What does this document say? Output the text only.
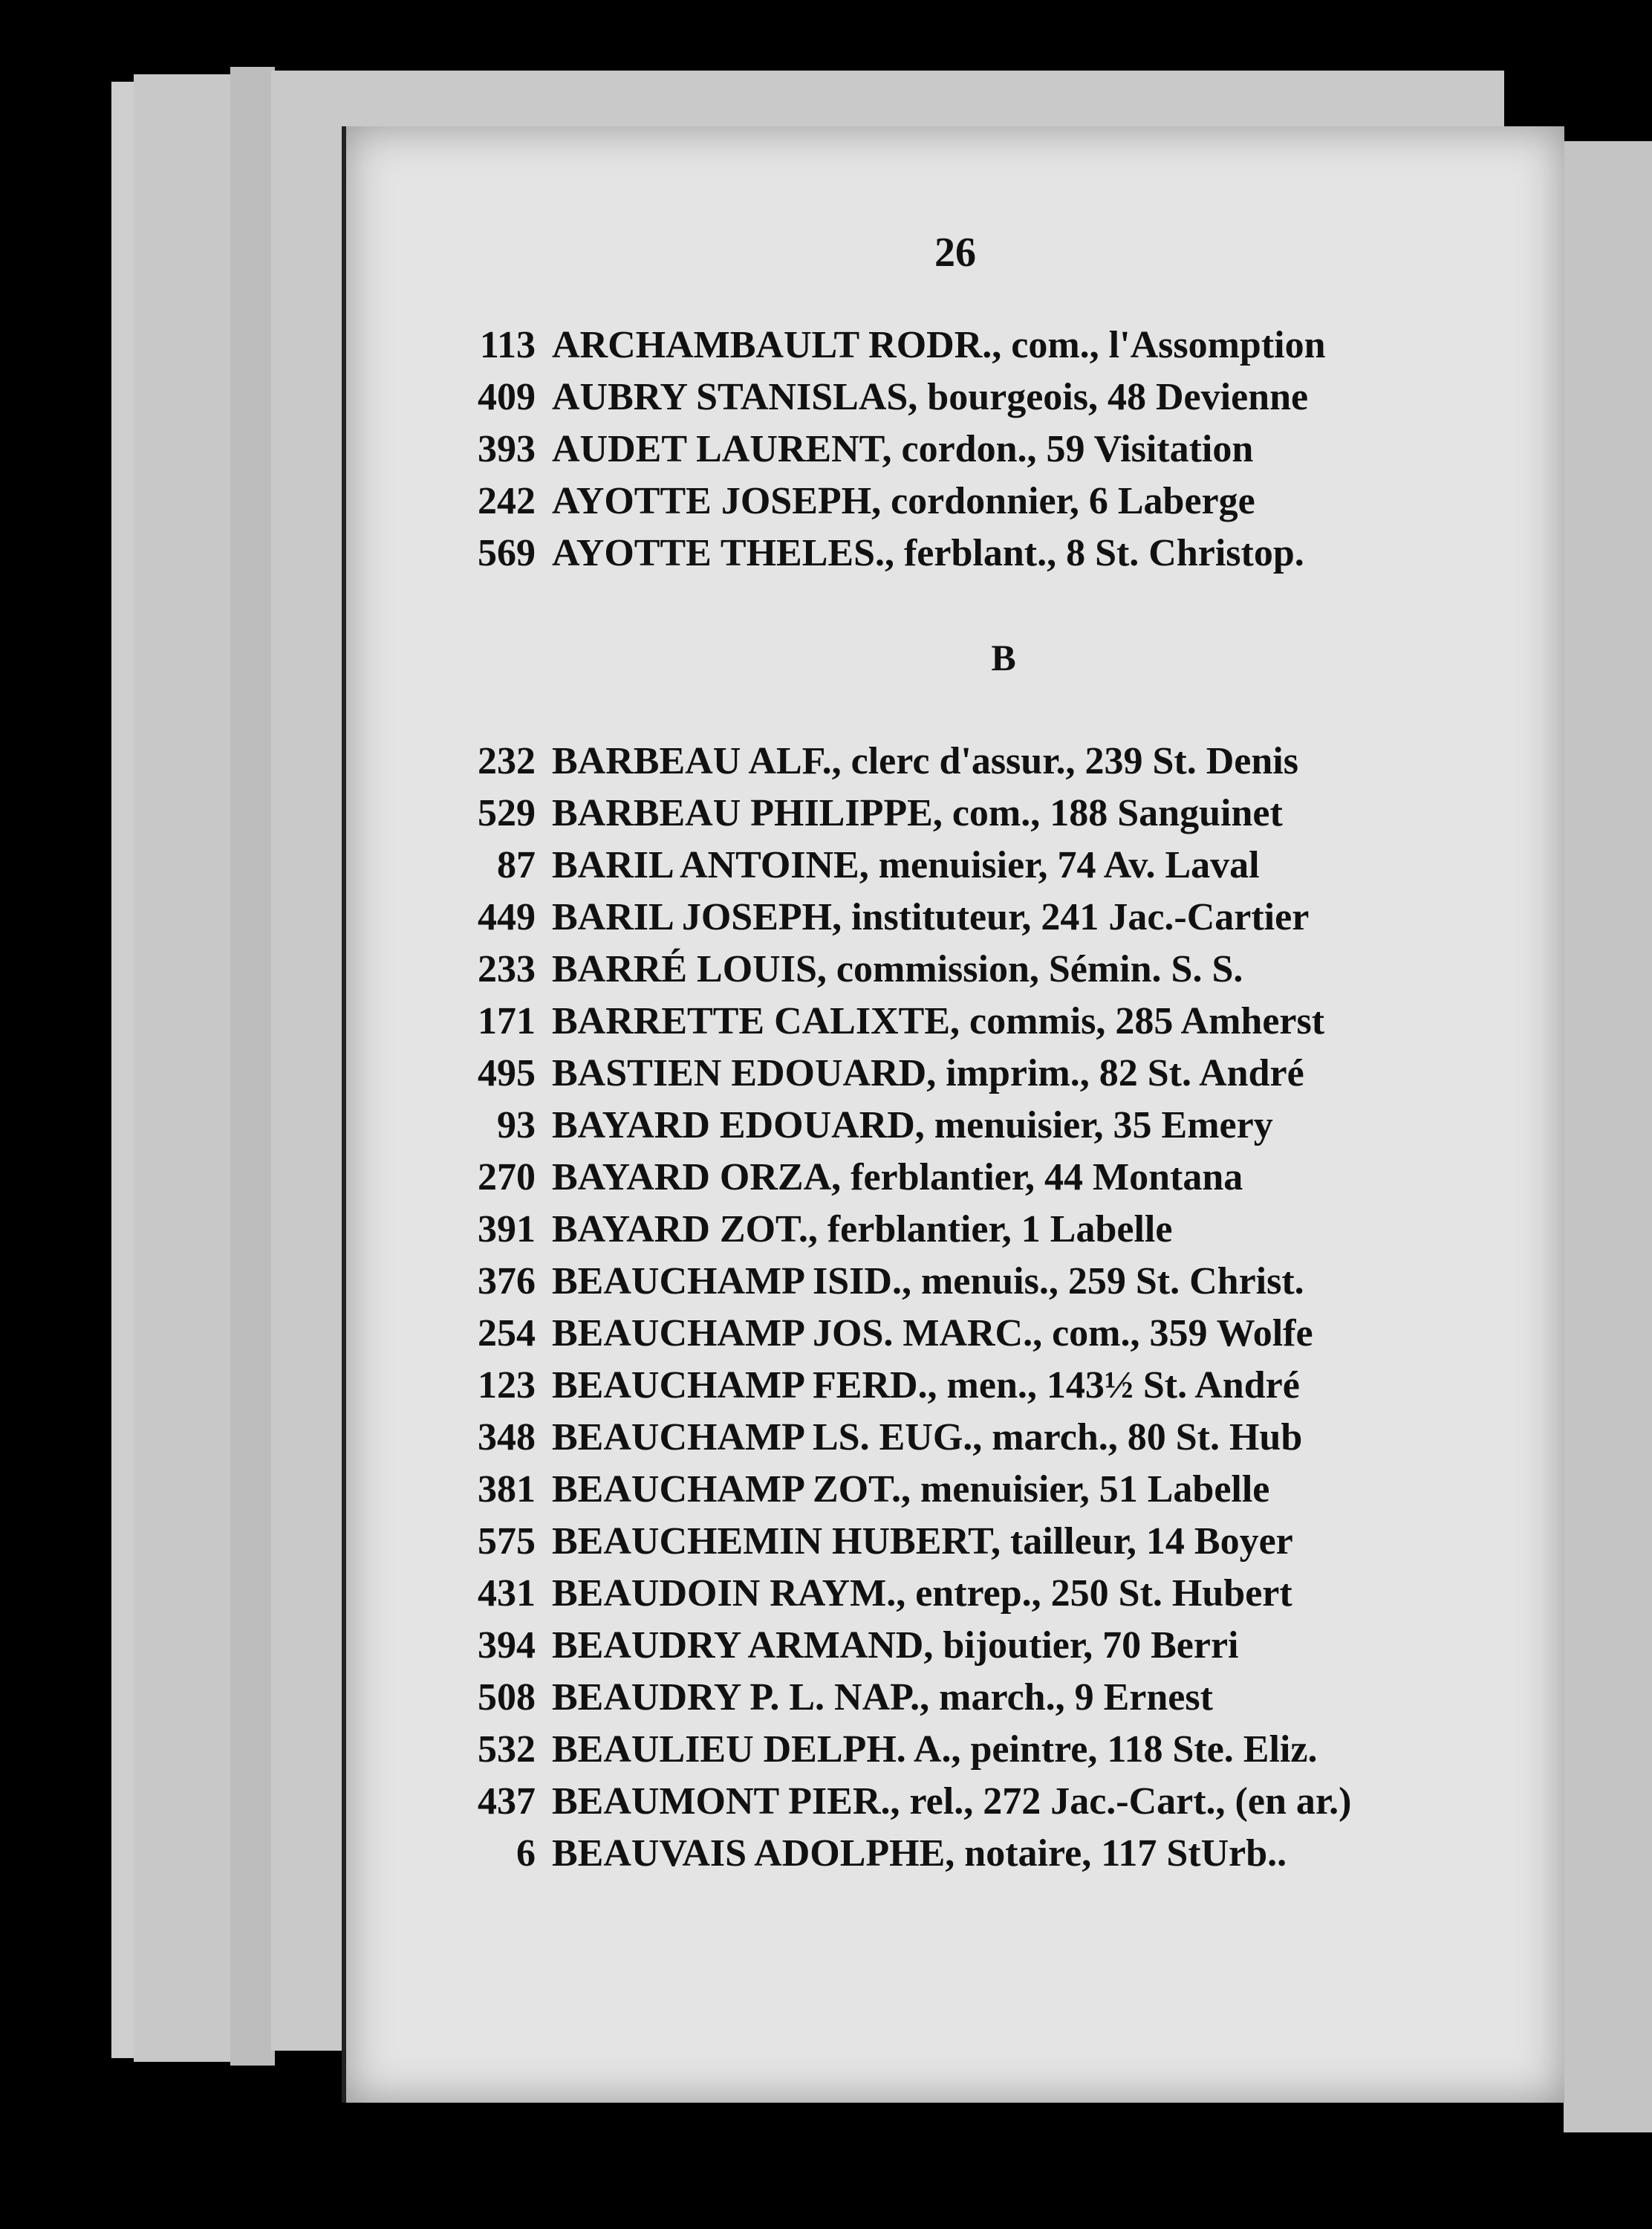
26
113 ARCHAMBAULT RODR., com., l'Assomption
409 AUBRY STANISLAS, bourgeois, 48 Devienne
393 AUDET LAURENT, cordon., 59 Visitation
242 AYOTTE JOSEPH, cordonnier, 6 Laberge
569 AYOTTE THELES., ferblant., 8 St. Christop.
B
232 BARBEAU ALF., clerc d'assur., 239 St. Denis
529 BARBEAU PHILIPPE, com., 188 Sanguinet
87 BARIL ANTOINE, menuisier, 74 Av. Laval
449 BARIL JOSEPH, instituteur, 241 Jac.-Cartier
233 BARRÉ LOUIS, commission, Sémin. S. S.
171 BARRETTE CALIXTE, commis, 285 Amherst
495 BASTIEN EDOUARD, imprim., 82 St. André
93 BAYARD EDOUARD, menuisier, 35 Emery
270 BAYARD ORZA, ferblantier, 44 Montana
391 BAYARD ZOT., ferblantier, 1 Labelle
376 BEAUCHAMP ISID., menuis., 259 St. Christ.
254 BEAUCHAMP JOS. MARC., com., 359 Wolfe
123 BEAUCHAMP FERD., men., 143½ St. André
348 BEAUCHAMP LS. EUG., march., 80 St. Hub
381 BEAUCHAMP ZOT., menuisier, 51 Labelle
575 BEAUCHEMIN HUBERT, tailleur, 14 Boyer
431 BEAUDOIN RAYM., entrep., 250 St. Hubert
394 BEAUDRY ARMAND, bijoutier, 70 Berri
508 BEAUDRY P. L. NAP., march., 9 Ernest
532 BEAULIEU DELPH. A., peintre, 118 Ste. Eliz.
437 BEAUMONT PIER., rel., 272 Jac.-Cart., (en ar.)
6 BEAUVAIS ADOLPHE, notaire, 117 StUrb..
